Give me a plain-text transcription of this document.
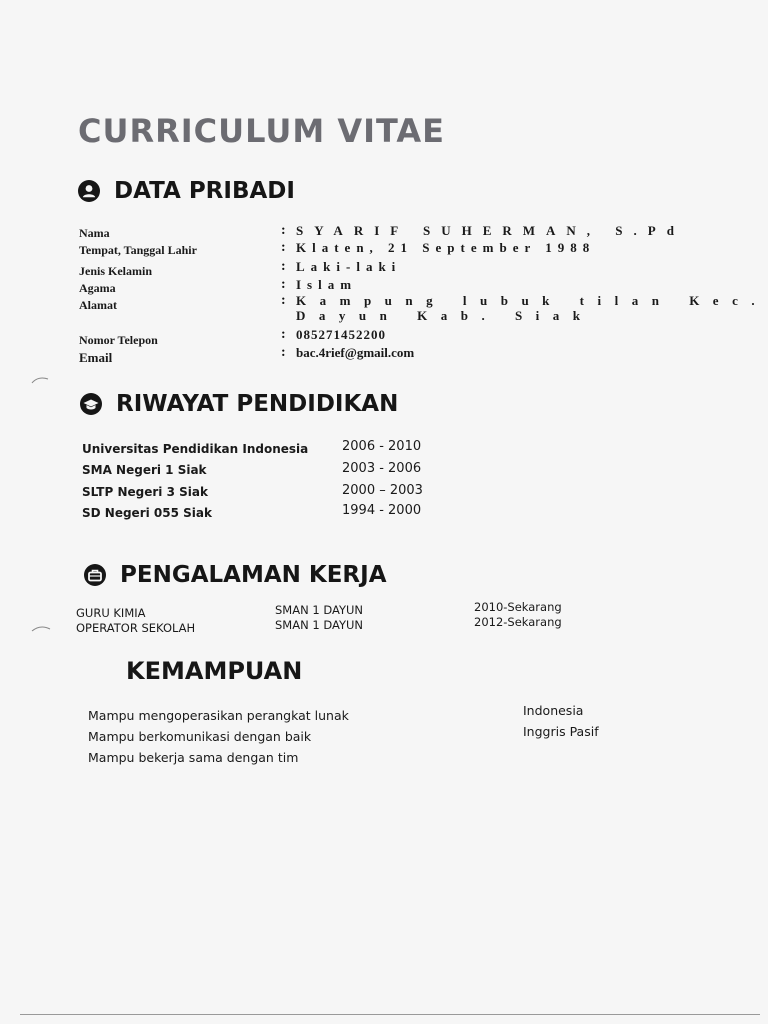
CURRICULUM VITAE
DATA PRIBADI
Nama	: SYARIF SUHERMAN, S.Pd
Tempat, Tanggal Lahir	: Klaten, 21 September 1988
Jenis Kelamin	: Laki-laki
Agama	: Islam
Alamat	: Kampung lubuk tilan Kec.
Dayun Kab. Siak
Nomor Telepon	: 085271452200
Email	: bac.4rief@gmail.com
RIWAYAT PENDIDIKAN
Universitas Pendidikan Indonesia	2006 - 2010
SMA Negeri 1 Siak	2003 - 2006
SLTP Negeri 3 Siak	2000 – 2003
SD Negeri 055 Siak	1994 - 2000
PENGALAMAN KERJA
GURU KIMIA	SMAN 1 DAYUN	2010-Sekarang
OPERATOR SEKOLAH	SMAN 1 DAYUN	2012-Sekarang
KEMAMPUAN
Mampu mengoperasikan perangkat lunak
Mampu berkomunikasi dengan baik
Mampu bekerja sama dengan tim
Indonesia
Inggris Pasif
